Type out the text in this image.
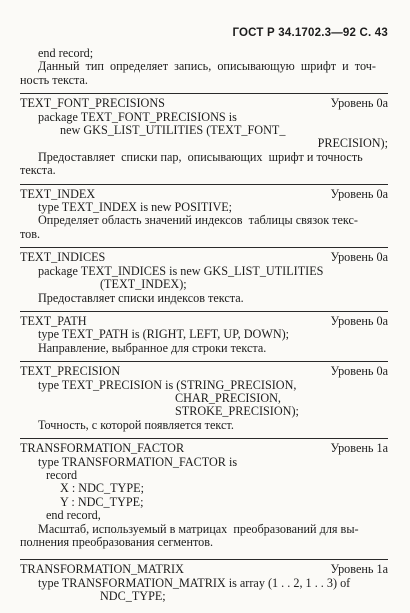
ГОСТ Р 34.1702.3—92 С. 43
end record;
Данный  тип  определяет  запись,  описывающую  шрифт  и  точ-
ность текста.
TEXT_FONT_PRECISIONS	Уровень 0а
package TEXT_FONT_PRECISIONS is
new GKS_LIST_UTILITIES (TEXT_FONT_
PRECISION);
Предоставляет  списки пар,  описывающих  шрифт и точность
текста.
TEXT_INDEX	Уровень 0а
type TEXT_INDEX is new POSITIVE;
Определяет область значений индексов  таблицы связок текс-
тов.
TEXT_INDICES	Уровень 0а
package TEXT_INDICES is new GKS_LIST_UTILITIES
(TEXT_INDEX);
Предоставляет списки индексов текста.
TEXT_PATH	Уровень 0а
type TEXT_PATH is (RIGHT, LEFT, UP, DOWN);
Направление, выбранное для строки текста.
TEXT_PRECISION	Уровень 0а
type TEXT_PRECISION is (STRING_PRECISION,
CHAR_PRECISION,
STROKE_PRECISION);
Точность, с которой появляется текст.
TRANSFORMATION_FACTOR	Уровень 1а
type TRANSFORMATION_FACTOR is
record
X : NDC_TYPE;
Y : NDC_TYPE;
end record,
Масштаб, используемый в матрицах  преобразований для вы-
полнения преобразования сегментов.
TRANSFORMATION_MATRIX	Уровень 1а
type TRANSFORMATION_MATRIX is array (1 . . 2, 1 . . 3) of
NDC_TYPE;
